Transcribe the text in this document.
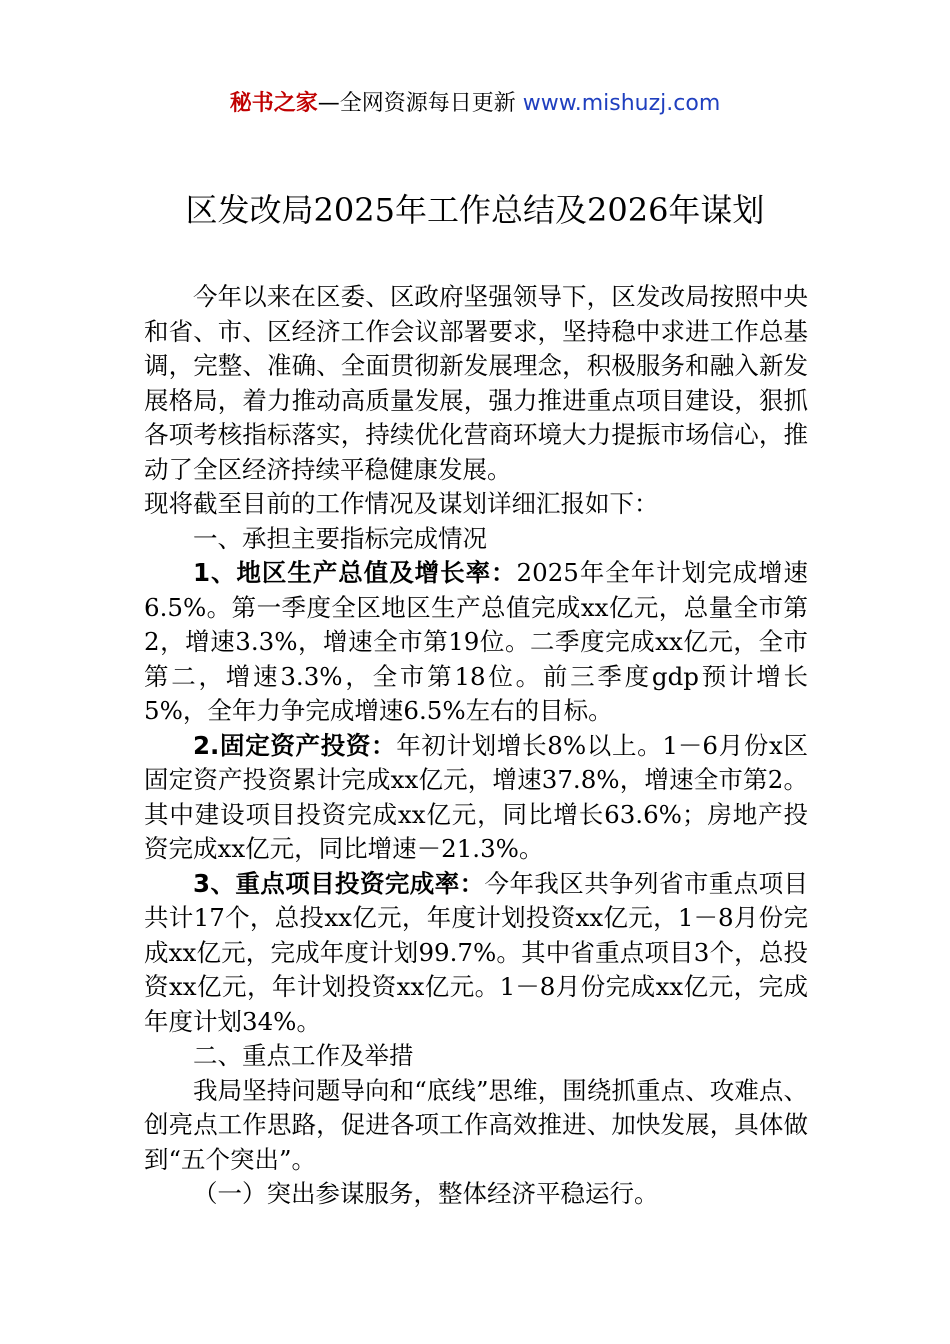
秘书之家—全网资源每日更新 www.mishuzj.com
区发改局2025年工作总结及2026年谋划

今年以来在区委、区政府坚强领导下，区发改局按照中央和省、市、区经济工作会议部署要求，坚持稳中求进工作总基调，完整、准确、全面贯彻新发展理念，积极服务和融入新发展格局，着力推动高质量发展，强力推进重点项目建设，狠抓各项考核指标落实，持续优化营商环境大力提振市场信心，推动了全区经济持续平稳健康发展。

现将截至目前的工作情况及谋划详细汇报如下：

一、承担主要指标完成情况

1、地区生产总值及增长率：2025年全年计划完成增速6.5%。第一季度全区地区生产总值完成xx亿元，总量全市第2，增速3.3%，增速全市第19位。二季度完成xx亿元，全市第二，增速3.3%，全市第18位。前三季度gdp预计增长5%，全年力争完成增速6.5%左右的目标。

2.固定资产投资：年初计划增长8%以上。1－6月份x区固定资产投资累计完成xx亿元，增速37.8%，增速全市第2。其中建设项目投资完成xx亿元，同比增长63.6%；房地产投资完成xx亿元，同比增速－21.3%。

3、重点项目投资完成率：今年我区共争列省市重点项目共计17个，总投xx亿元，年度计划投资xx亿元，1－8月份完成xx亿元，完成年度计划99.7%。其中省重点项目3个，总投资xx亿元，年计划投资xx亿元。1－8月份完成xx亿元，完成年度计划34%。

二、重点工作及举措

我局坚持问题导向和“底线”思维，围绕抓重点、攻难点、创亮点工作思路，促进各项工作高效推进、加快发展，具体做到“五个突出”。

（一）突出参谋服务，整体经济平稳运行。
